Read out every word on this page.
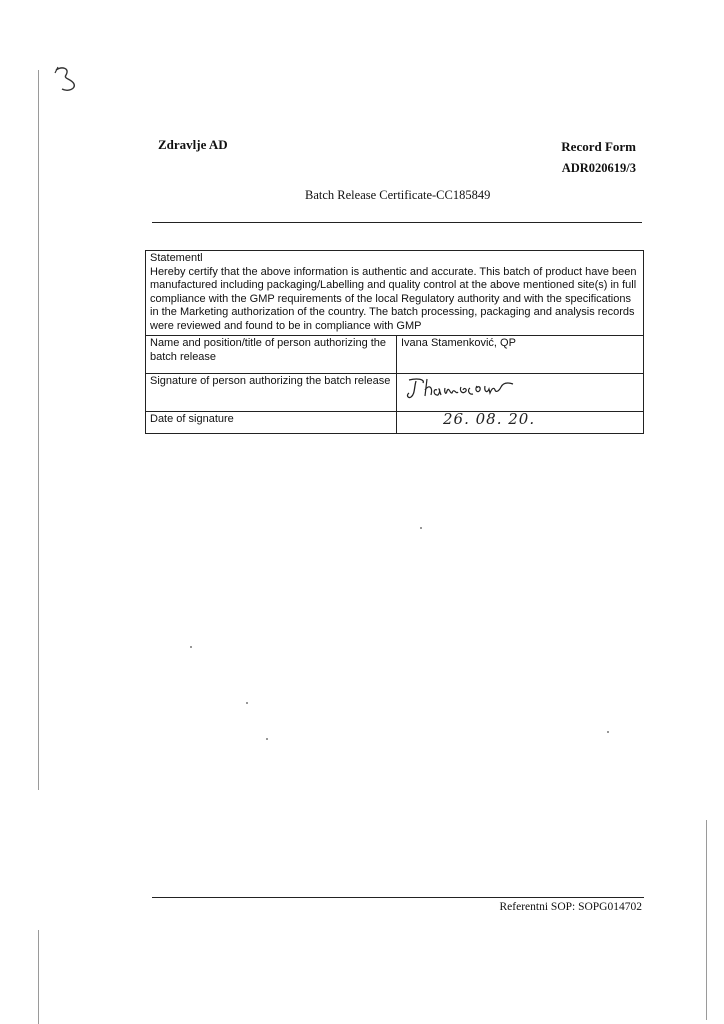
Zdravlje AD	Record Form
ADR020619/3
Batch Release Certificate-CC185849
Statementl
Hereby certify that the above information is authentic and accurate. This batch of product have been manufactured including packaging/Labelling and quality control at the above mentioned site(s) in full compliance with the GMP requirements of the local Regulatory authority and with the specifications in the Marketing authorization of the country. The batch processing, packaging and analysis records were reviewed and found to be in compliance with GMP	

Name and position/title of person authorizing the batch release	Ivana Stamenković, QP
Signature of person authorizing the batch release	

Date of signature	26. 08. 20.
Referentni SOP: SOPG014702
